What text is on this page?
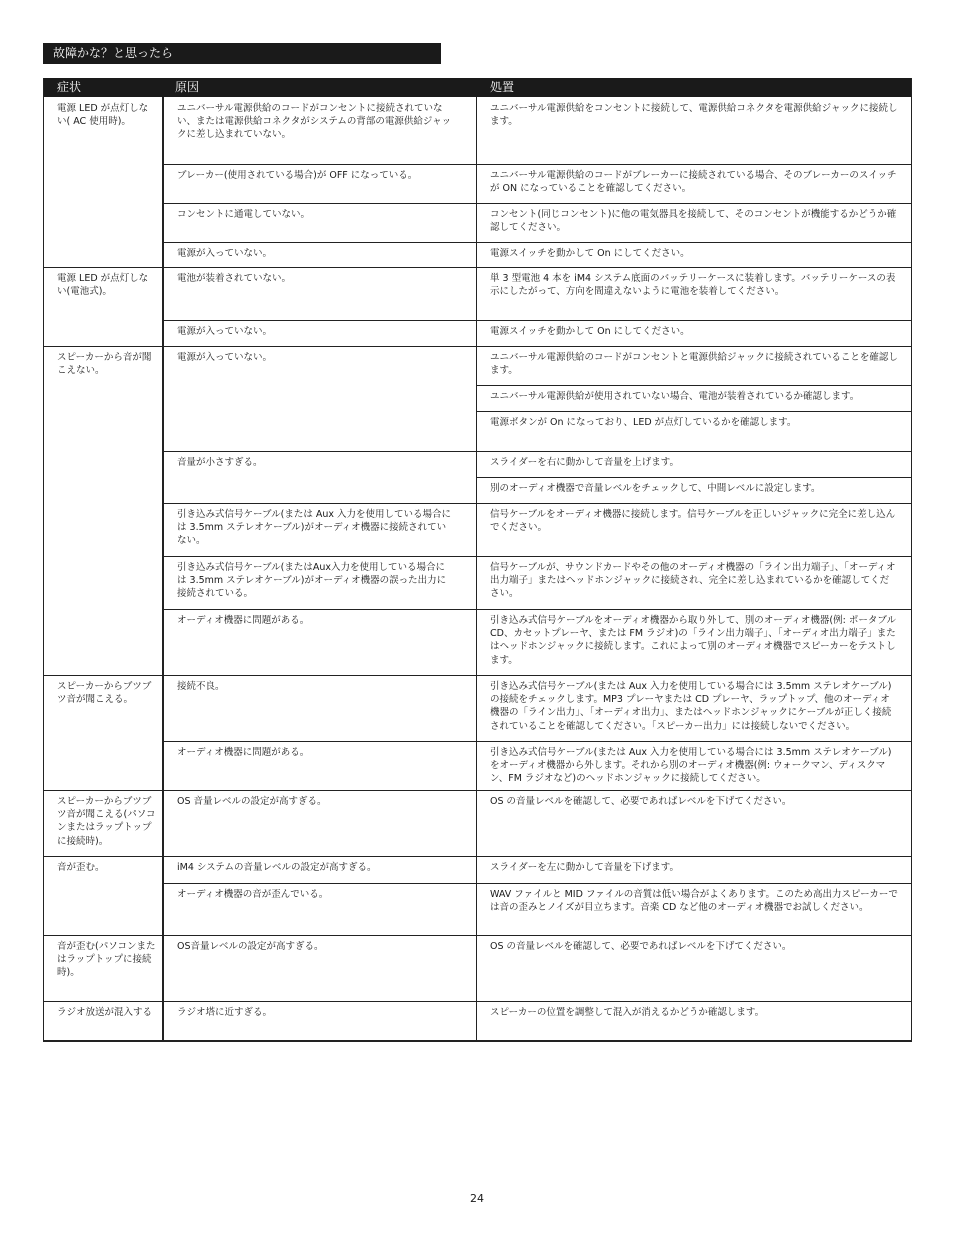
故障かな？と思ったら
症状	原因	処置
電源 LED が点灯しない( AC 使用時)。
電源 LED が点灯しない(電池式)。
スピーカーから音が聞こえない。
スピーカーからブツブツ音が聞こえる。
スピーカーからブツブツ音が聞こえる(パソコンまたはラップトップに接続時)。
音が歪む。
音が歪む(パソコンまたはラップトップに接続時)。
ラジオ放送が混入する
ユニバーサル電源供給のコードがコンセントに接続されていない、または電源供給コネクタがシステムの背部の電源供給ジャックに差し込まれていない。
ブレーカー(使用されている場合)が OFF になっている。
コンセントに通電していない。
電源が入っていない。
電池が装着されていない。
電源が入っていない。
電源が入っていない。
音量が小さすぎる。
引き込み式信号ケーブル(または Aux 入力を使用している場合には 3.5mm ステレオケーブル)がオーディオ機器に接続されていない。
引き込み式信号ケーブル(またはAux入力を使用している場合には 3.5mm ステレオケーブル)がオーディオ機器の誤った出力に接続されている。
オーディオ機器に問題がある。
接続不良。
オーディオ機器に問題がある。
OS 音量レベルの設定が高すぎる。
iM4 システムの音量レベルの設定が高すぎる。
オーディオ機器の音が歪んでいる。
OS音量レベルの設定が高すぎる。
ラジオ塔に近すぎる。
ユニバーサル電源供給をコンセントに接続して、電源供給コネクタを電源供給ジャックに接続します。
ユニバーサル電源供給のコードがブレーカーに接続されている場合、そのブレーカーのスイッチが ON になっていることを確認してください。
コンセント(同じコンセント)に他の電気器具を接続して、そのコンセントが機能するかどうか確認してください。
電源スイッチを動かして On にしてください。
単 3 型電池 4 本を iM4 システム底面のバッテリーケースに装着します。バッテリーケースの表示にしたがって、方向を間違えないように電池を装着してください。
電源スイッチを動かして On にしてください。
ユニバーサル電源供給のコードがコンセントと電源供給ジャックに接続されていることを確認します。
ユニバーサル電源供給が使用されていない場合、電池が装着されているか確認します。
電源ボタンが On になっており、LED が点灯しているかを確認します。
スライダーを右に動かして音量を上げます。
別のオーディオ機器で音量レベルをチェックして、中間レベルに設定します。
信号ケーブルをオーディオ機器に接続します。信号ケーブルを正しいジャックに完全に差し込んでください。
信号ケーブルが、サウンドカードやその他のオーディオ機器の「ライン出力端子」、「オーディオ出力端子」またはヘッドホンジャックに接続され、完全に差し込まれているかを確認してください。
引き込み式信号ケーブルをオーディオ機器から取り外して、別のオーディオ機器(例: ポータブル CD、カセットプレーヤ、または FM ラジオ)の「ライン出力端子」、「オーディオ出力端子」またはヘッドホンジャックに接続します。これによって別のオーディオ機器でスピーカーをテストします。
引き込み式信号ケーブル(または Aux 入力を使用している場合には 3.5mm ステレオケーブル)の接続をチェックします。MP3 プレーヤまたは CD プレーヤ、ラップトップ、他のオーディオ機器の「ライン出力」、「オーディオ出力」、またはヘッドホンジャックにケーブルが正しく接続されていることを確認してください。「スピーカー出力」には接続しないでください。
引き込み式信号ケーブル(または Aux 入力を使用している場合には 3.5mm ステレオケーブル)をオーディオ機器から外します。それから別のオーディオ機器(例: ウォークマン、ディスクマン、FM ラジオなど)のヘッドホンジャックに接続してください。
OS の音量レベルを確認して、必要であればレベルを下げてください。
スライダーを左に動かして音量を下げます。
WAV ファイルと MID ファイルの音質は低い場合がよくあります。このため高出力スピーカーでは音の歪みとノイズが目立ちます。音楽 CD など他のオーディオ機器でお試しください。
OS の音量レベルを確認して、必要であればレベルを下げてください。
スピーカーの位置を調整して混入が消えるかどうか確認します。
24
